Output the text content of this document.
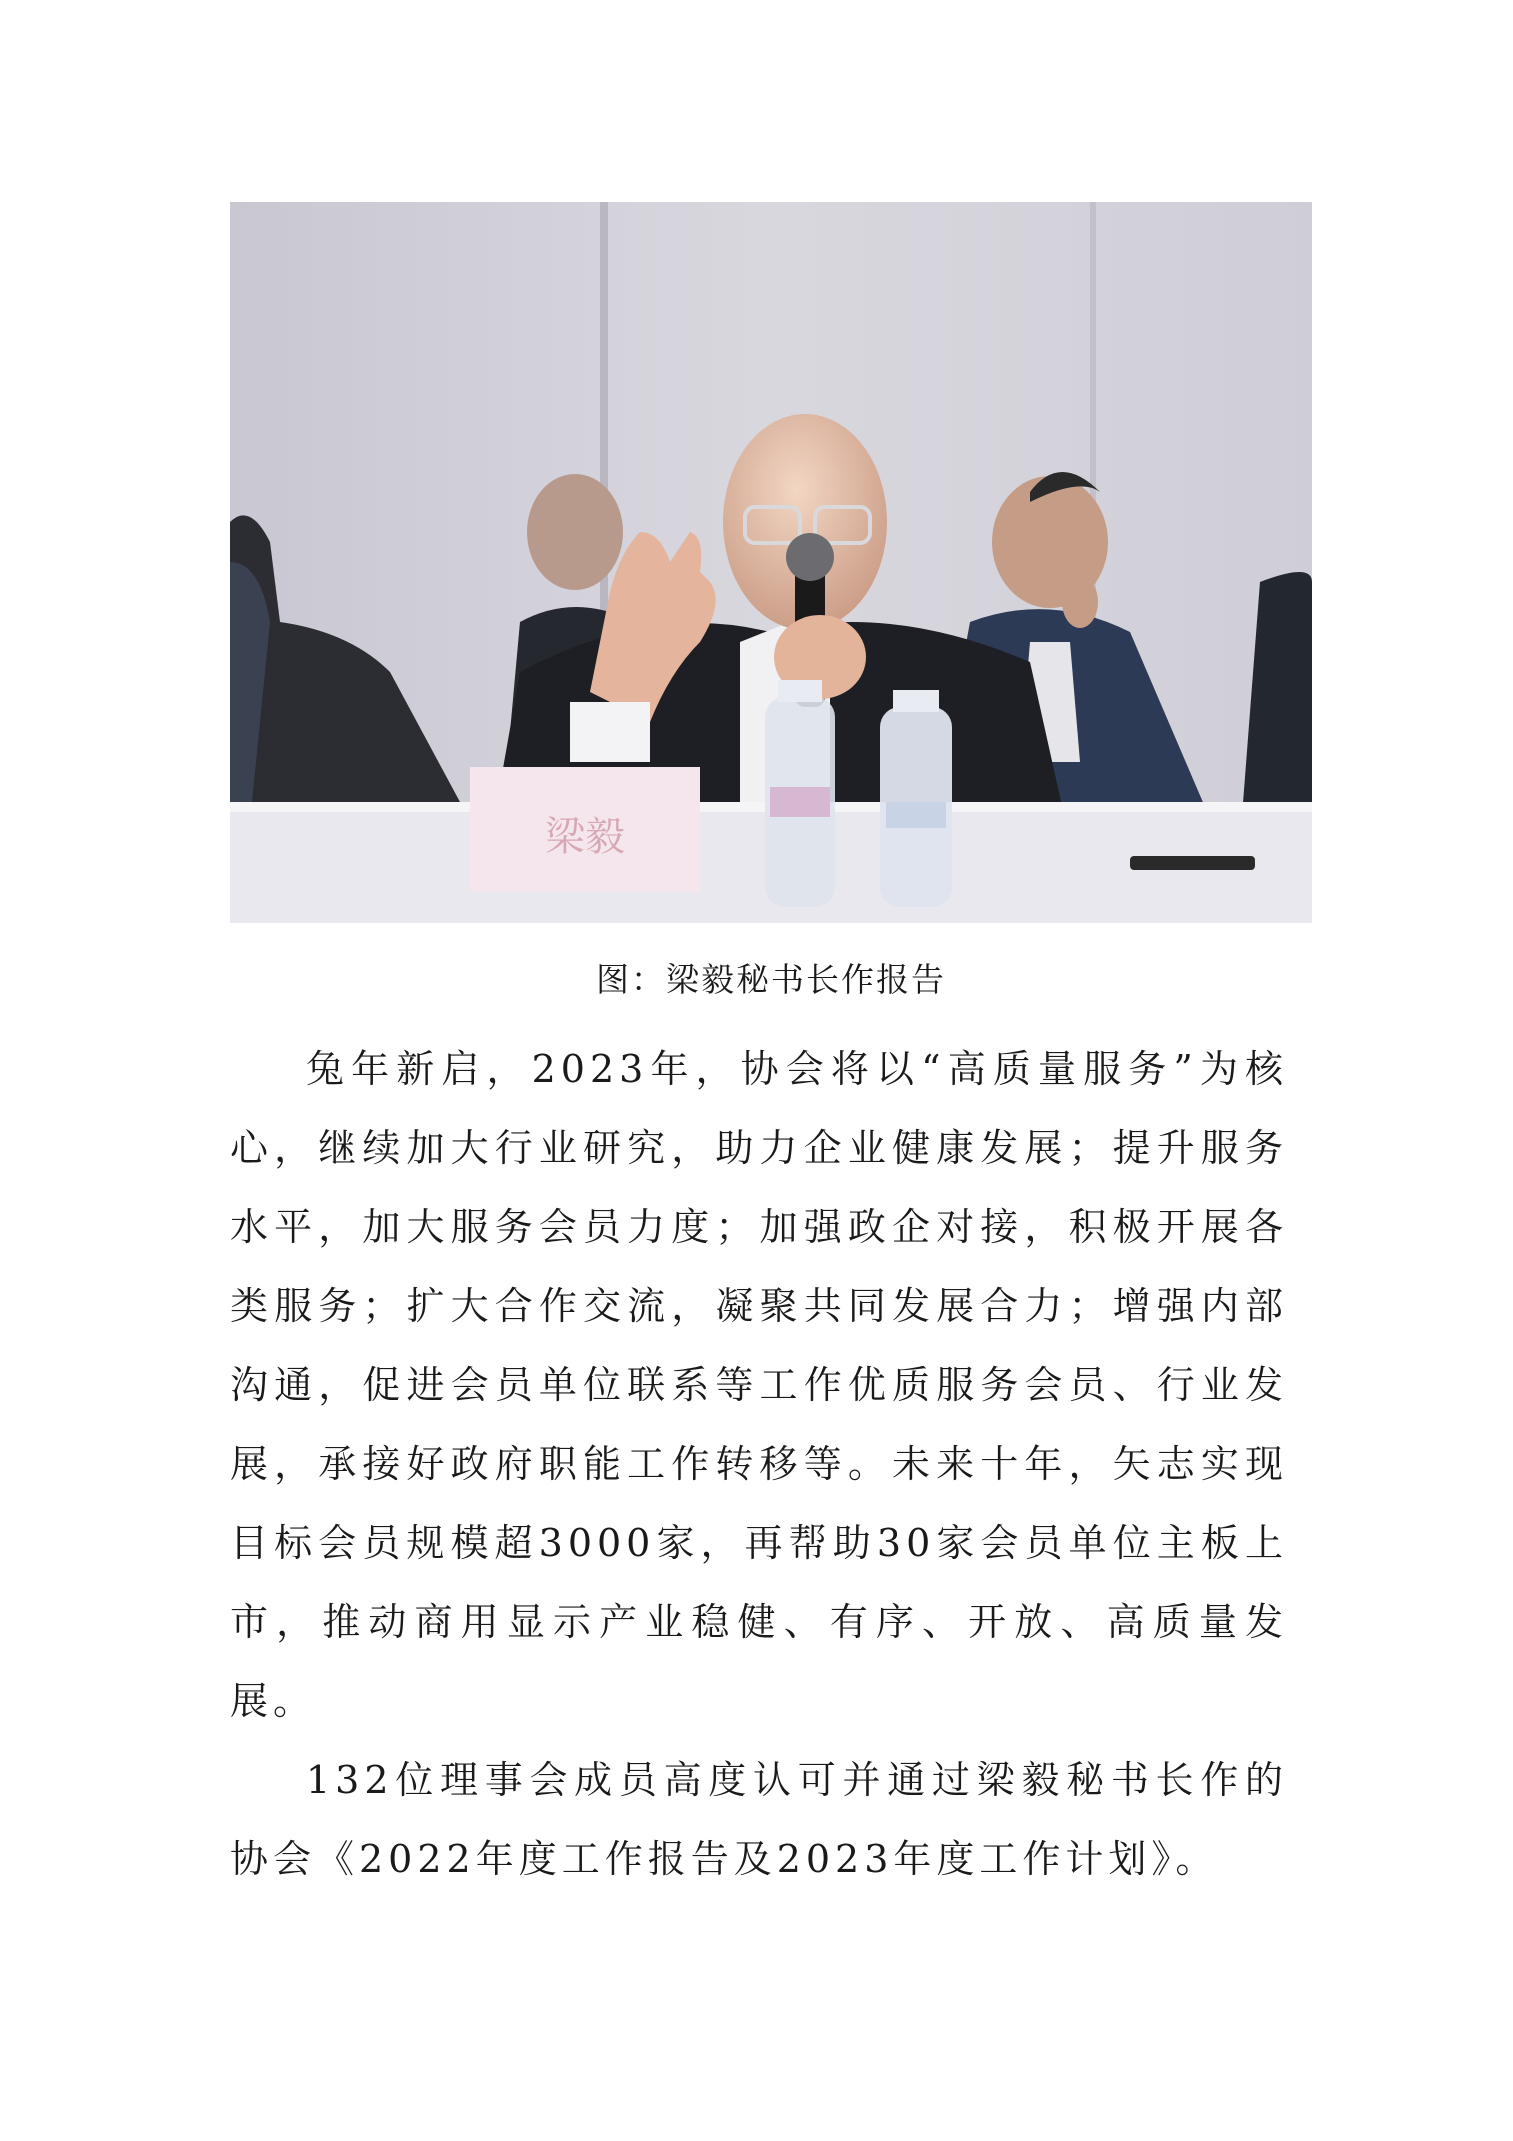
梁毅
图：梁毅秘书长作报告

兔年新启，2023年，协会将以“高质量服务”为核心，继续加大行业研究，助力企业健康发展；提升服务水平，加大服务会员力度；加强政企对接，积极开展各类服务；扩大合作交流，凝聚共同发展合力；增强内部沟通，促进会员单位联系等工作优质服务会员、行业发展，承接好政府职能工作转移等。未来十年，矢志实现目标会员规模超3000家，再帮助30家会员单位主板上市，推动商用显示产业稳健、有序、开放、高质量发展。

132位理事会成员高度认可并通过梁毅秘书长作的协会《2022年度工作报告及2023年度工作计划》。
